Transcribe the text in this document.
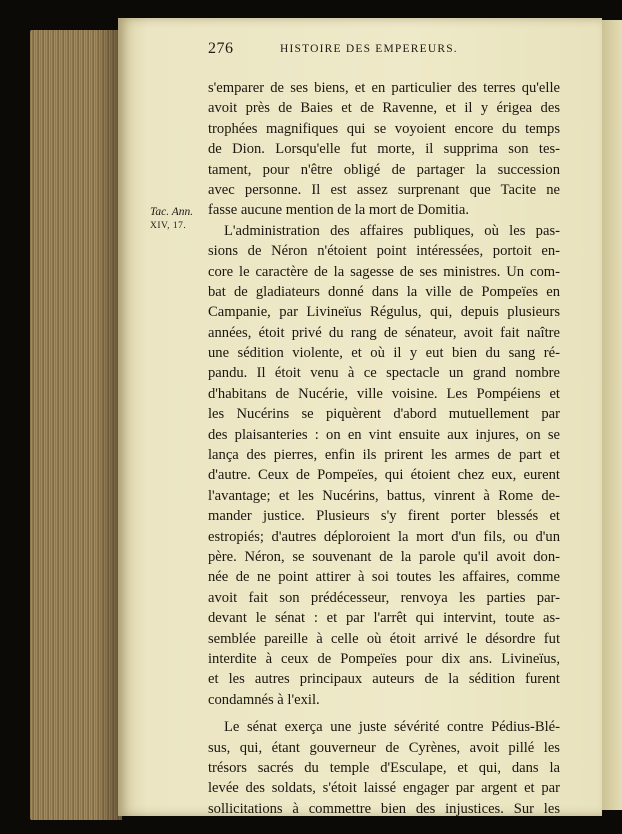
276	HISTOIRE DES EMPEREURS.
Tac. Ann.
XIV, 17.
s'emparer de ses biens, et en particulier des terres qu'elle
avoit près de Baies et de Ravenne, et il y érigea des
trophées magnifiques qui se voyoient encore du temps
de Dion. Lorsqu'elle fut morte, il supprima son tes-
tament, pour n'être obligé de partager la succession
avec personne. Il est assez surprenant que Tacite ne
fasse aucune mention de la mort de Domitia.
L'administration des affaires publiques, où les pas-
sions de Néron n'étoient point intéressées, portoit en-
core le caractère de la sagesse de ses ministres. Un com-
bat de gladiateurs donné dans la ville de Pompeïes en
Campanie, par Livineïus Régulus, qui, depuis plusieurs
années, étoit privé du rang de sénateur, avoit fait naître
une sédition violente, et où il y eut bien du sang ré-
pandu. Il étoit venu à ce spectacle un grand nombre
d'habitans de Nucérie, ville voisine. Les Pompéiens et
les Nucérins se piquèrent d'abord mutuellement par
des plaisanteries : on en vint ensuite aux injures, on se
lança des pierres, enfin ils prirent les armes de part et
d'autre. Ceux de Pompeïes, qui étoient chez eux, eurent
l'avantage; et les Nucérins, battus, vinrent à Rome de-
mander justice. Plusieurs s'y firent porter blessés et
estropiés; d'autres déploroient la mort d'un fils, ou d'un
père. Néron, se souvenant de la parole qu'il avoit don-
née de ne point attirer à soi toutes les affaires, comme
avoit fait son prédécesseur, renvoya les parties par-
devant le sénat : et par l'arrêt qui intervint, toute as-
semblée pareille à celle où étoit arrivé le désordre fut
interdite à ceux de Pompeïes pour dix ans. Livineïus,
et les autres principaux auteurs de la sédition furent
condamnés à l'exil.
Le sénat exerça une juste sévérité contre Pédius-Blé-
sus, qui, étant gouverneur de Cyrènes, avoit pillé les
trésors sacrés du temple d'Esculape, et qui, dans la
levée des soldats, s'étoit laissé engager par argent et par
sollicitations à commettre bien des injustices. Sur les
